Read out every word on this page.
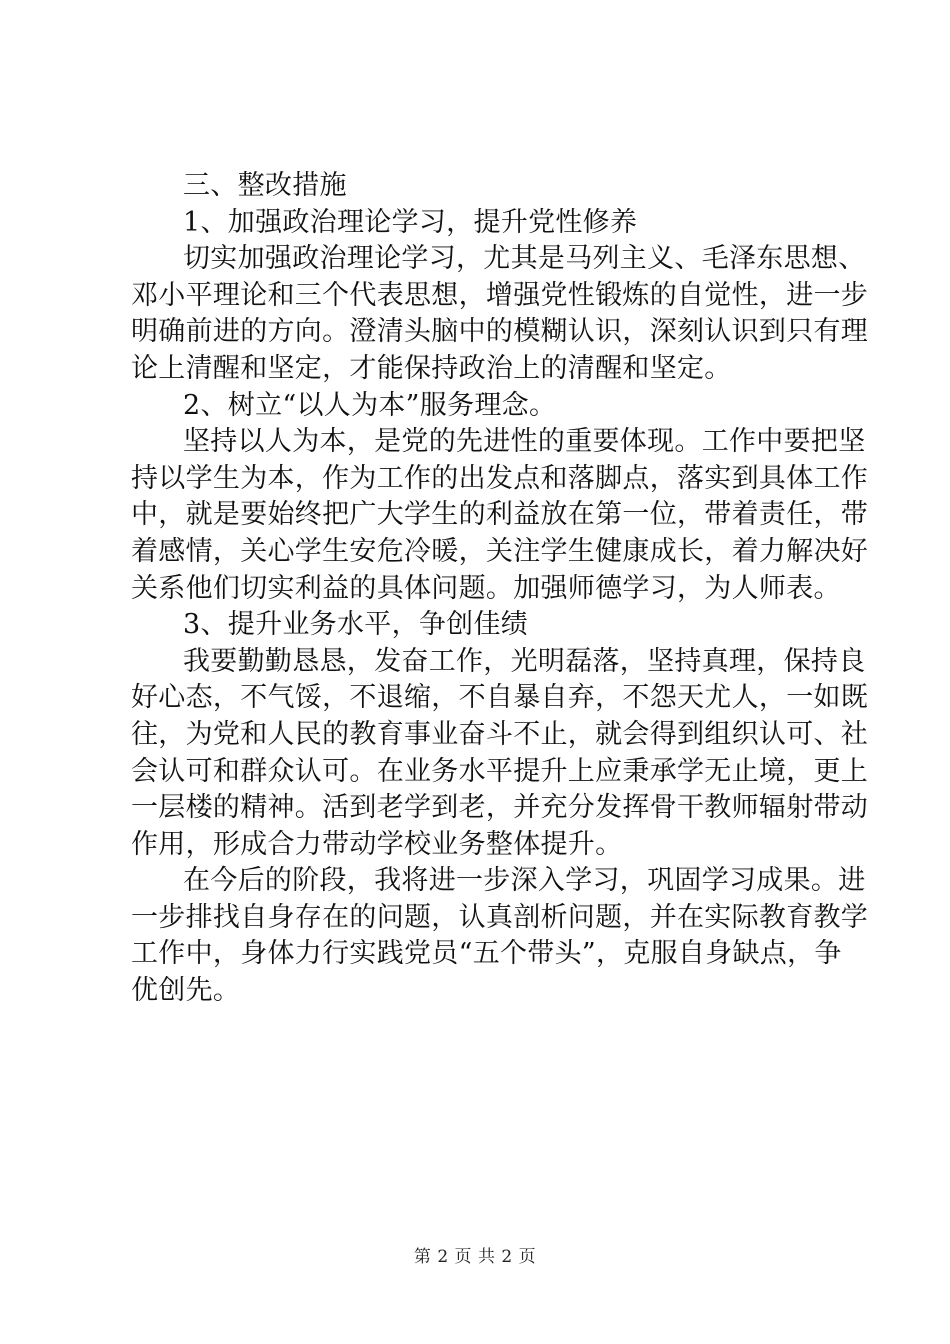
三、整改措施
1、加强政治理论学习，提升党性修养
切实加强政治理论学习，尤其是马列主义、毛泽东思想、
邓小平理论和三个代表思想，增强党性锻炼的自觉性，进一步
明确前进的方向。澄清头脑中的模糊认识，深刻认识到只有理
论上清醒和坚定，才能保持政治上的清醒和坚定。
2、树立“以人为本”服务理念。
坚持以人为本，是党的先进性的重要体现。工作中要把坚
持以学生为本，作为工作的出发点和落脚点，落实到具体工作
中，就是要始终把广大学生的利益放在第一位，带着责任，带
着感情，关心学生安危冷暖，关注学生健康成长，着力解决好
关系他们切实利益的具体问题。加强师德学习，为人师表。
3、提升业务水平，争创佳绩
我要勤勤恳恳，发奋工作，光明磊落，坚持真理，保持良
好心态，不气馁，不退缩，不自暴自弃，不怨天尤人，一如既
往，为党和人民的教育事业奋斗不止，就会得到组织认可、社
会认可和群众认可。在业务水平提升上应秉承学无止境，更上
一层楼的精神。活到老学到老，并充分发挥骨干教师辐射带动
作用，形成合力带动学校业务整体提升。
在今后的阶段，我将进一步深入学习，巩固学习成果。进
一步排找自身存在的问题，认真剖析问题，并在实际教育教学
工作中，身体力行实践党员“五个带头”，克服自身缺点，争
优创先。
第 2 页 共 2 页
